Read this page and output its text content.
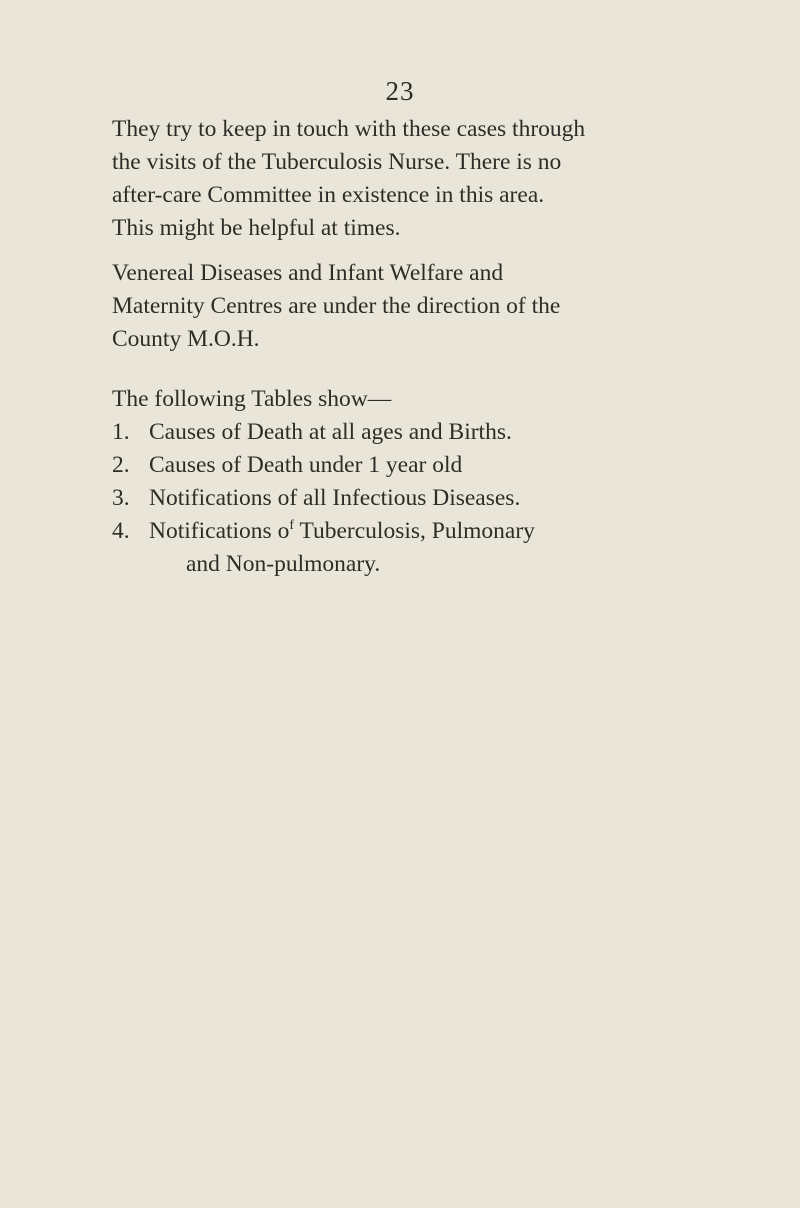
23

They try to keep in touch with these cases through
the visits of the Tuberculosis Nurse. There is no
after-care Committee in existence in this area.
This might be helpful at times.

Venereal Diseases and Infant Welfare and
Maternity Centres are under the direction of the
County M.O.H.

The following Tables show—

1. Causes of Death at all ages and Births.
2. Causes of Death under 1 year old
3. Notifications of all Infectious Diseases.
4. Notifications $o^f$ Tuberculosis, Pulmonary
and Non-pulmonary.
